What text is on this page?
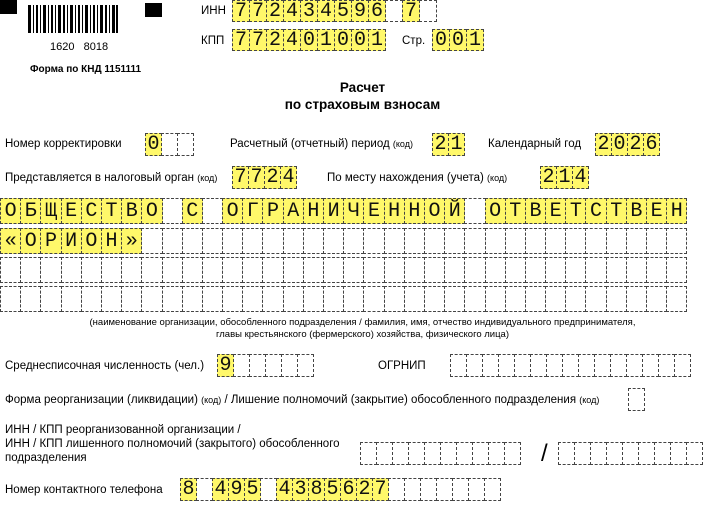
1620   8018
Форма по КНД 1151111
ИНН 7 7 2 4 3 4 5 9 6 7
КПП 7 7 2 4 0 1 0 0 1 Стр. 0 0 1
Расчет
по страховым взносам
Номер корректировки 0	Расчетный (отчетный) период (код) 2 1 Календарный год 2 0 2 6
Представляется в налоговый орган (код) 7 7 2 4	По месту нахождения (учета) (код) 2 1 4
О Б Щ Е С Т В О С О Г Р А Н И Ч Е Н Н О Й О Т В Е Т С Т В Е Н
« О Р И О Н »
(наименование организации, обособленного подразделения / фамилия, имя, отчество индивидуального предпринимателя,
главы крестьянского (фермерского) хозяйства, физического лица)
Среднесписочная численность (чел.) 9	ОГРНИП
Форма реорганизации (ликвидации) (код) / Лишение полномочий (закрытие) обособленного подразделения (код)
ИНН / КПП реорганизованной организации /
ИНН / КПП лишенного полномочий (закрытого) обособленного
подразделения	/
Номер контактного телефона 8 4 9 5 4 3 8 5 6 2 7
